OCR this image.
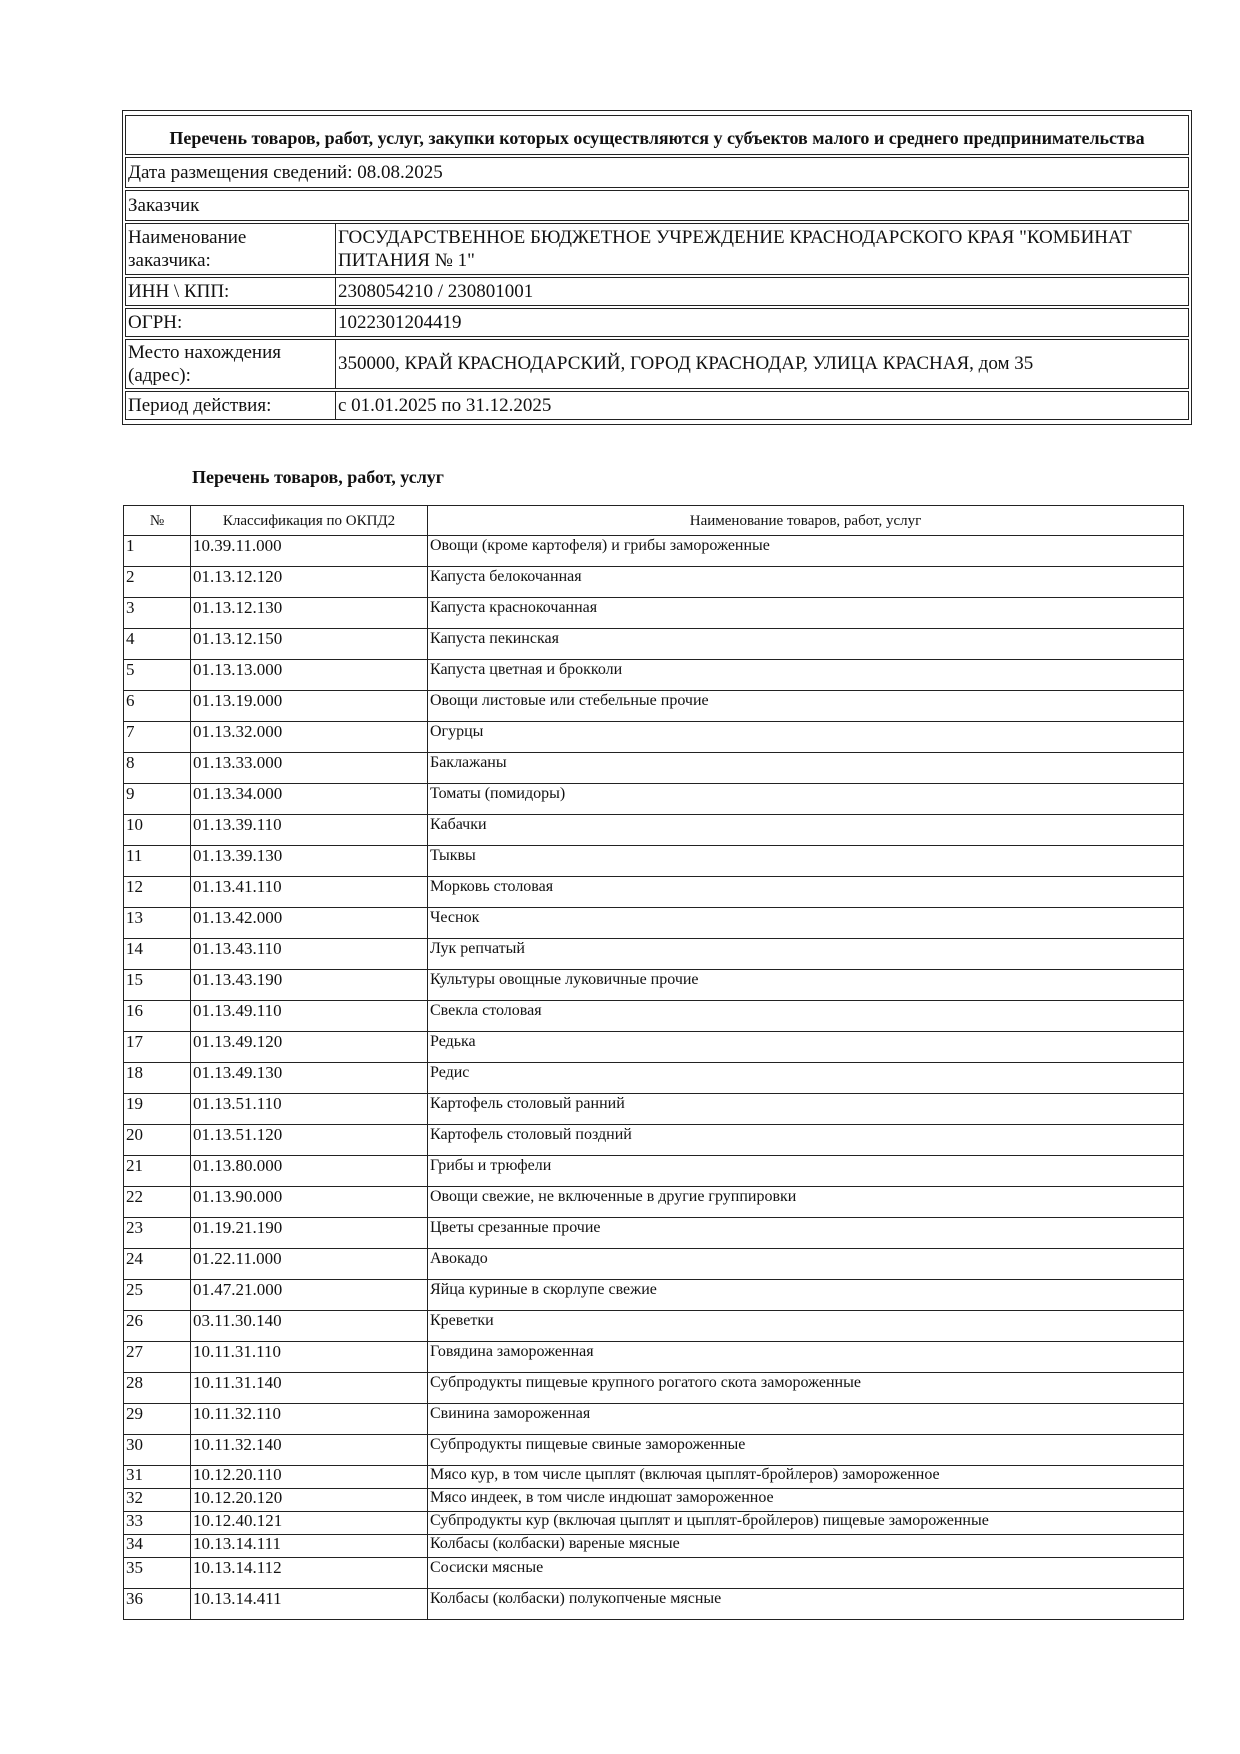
Перечень товаров, работ, услуг, закупки которых осуществляются у субъектов малого и среднего предпринимательства	
Дата размещения сведений: 08.08.2025	
Заказчик	
Наименование заказчика:	ГОСУДАРСТВЕННОЕ БЮДЖЕТНОЕ УЧРЕЖДЕНИЕ КРАСНОДАРСКОГО КРАЯ "КОМБИНАТ ПИТАНИЯ № 1"
ИНН \ КПП:	2308054210 / 230801001
ОГРН:	1022301204419
Место нахождения (адрес):	350000, КРАЙ КРАСНОДАРСКИЙ, ГОРОД КРАСНОДАР, УЛИЦА КРАСНАЯ, дом 35
Период действия:	с 01.01.2025 по 31.12.2025
Перечень товаров, работ, услуг
№	Классификация по ОКПД2	Наименование товаров, работ, услуг
1	10.39.11.000	Овощи (кроме картофеля) и грибы замороженные
2	01.13.12.120	Капуста белокочанная
3	01.13.12.130	Капуста краснокочанная
4	01.13.12.150	Капуста пекинская
5	01.13.13.000	Капуста цветная и брокколи
6	01.13.19.000	Овощи листовые или стебельные прочие
7	01.13.32.000	Огурцы
8	01.13.33.000	Баклажаны
9	01.13.34.000	Томаты (помидоры)
10	01.13.39.110	Кабачки
11	01.13.39.130	Тыквы
12	01.13.41.110	Морковь столовая
13	01.13.42.000	Чеснок
14	01.13.43.110	Лук репчатый
15	01.13.43.190	Культуры овощные луковичные прочие
16	01.13.49.110	Свекла столовая
17	01.13.49.120	Редька
18	01.13.49.130	Редис
19	01.13.51.110	Картофель столовый ранний
20	01.13.51.120	Картофель столовый поздний
21	01.13.80.000	Грибы и трюфели
22	01.13.90.000	Овощи свежие, не включенные в другие группировки
23	01.19.21.190	Цветы срезанные прочие
24	01.22.11.000	Авокадо
25	01.47.21.000	Яйца куриные в скорлупе свежие
26	03.11.30.140	Креветки
27	10.11.31.110	Говядина замороженная
28	10.11.31.140	Субпродукты пищевые крупного рогатого скота замороженные
29	10.11.32.110	Свинина замороженная
30	10.11.32.140	Субпродукты пищевые свиные замороженные
31	10.12.20.110	Мясо кур, в том числе цыплят (включая цыплят-бройлеров) замороженное
32	10.12.20.120	Мясо индеек, в том числе индюшат замороженное
33	10.12.40.121	Субпродукты кур (включая цыплят и цыплят-бройлеров) пищевые замороженные
34	10.13.14.111	Колбасы (колбаски) вареные мясные
35	10.13.14.112	Сосиски мясные
36	10.13.14.411	Колбасы (колбаски) полукопченые мясные
